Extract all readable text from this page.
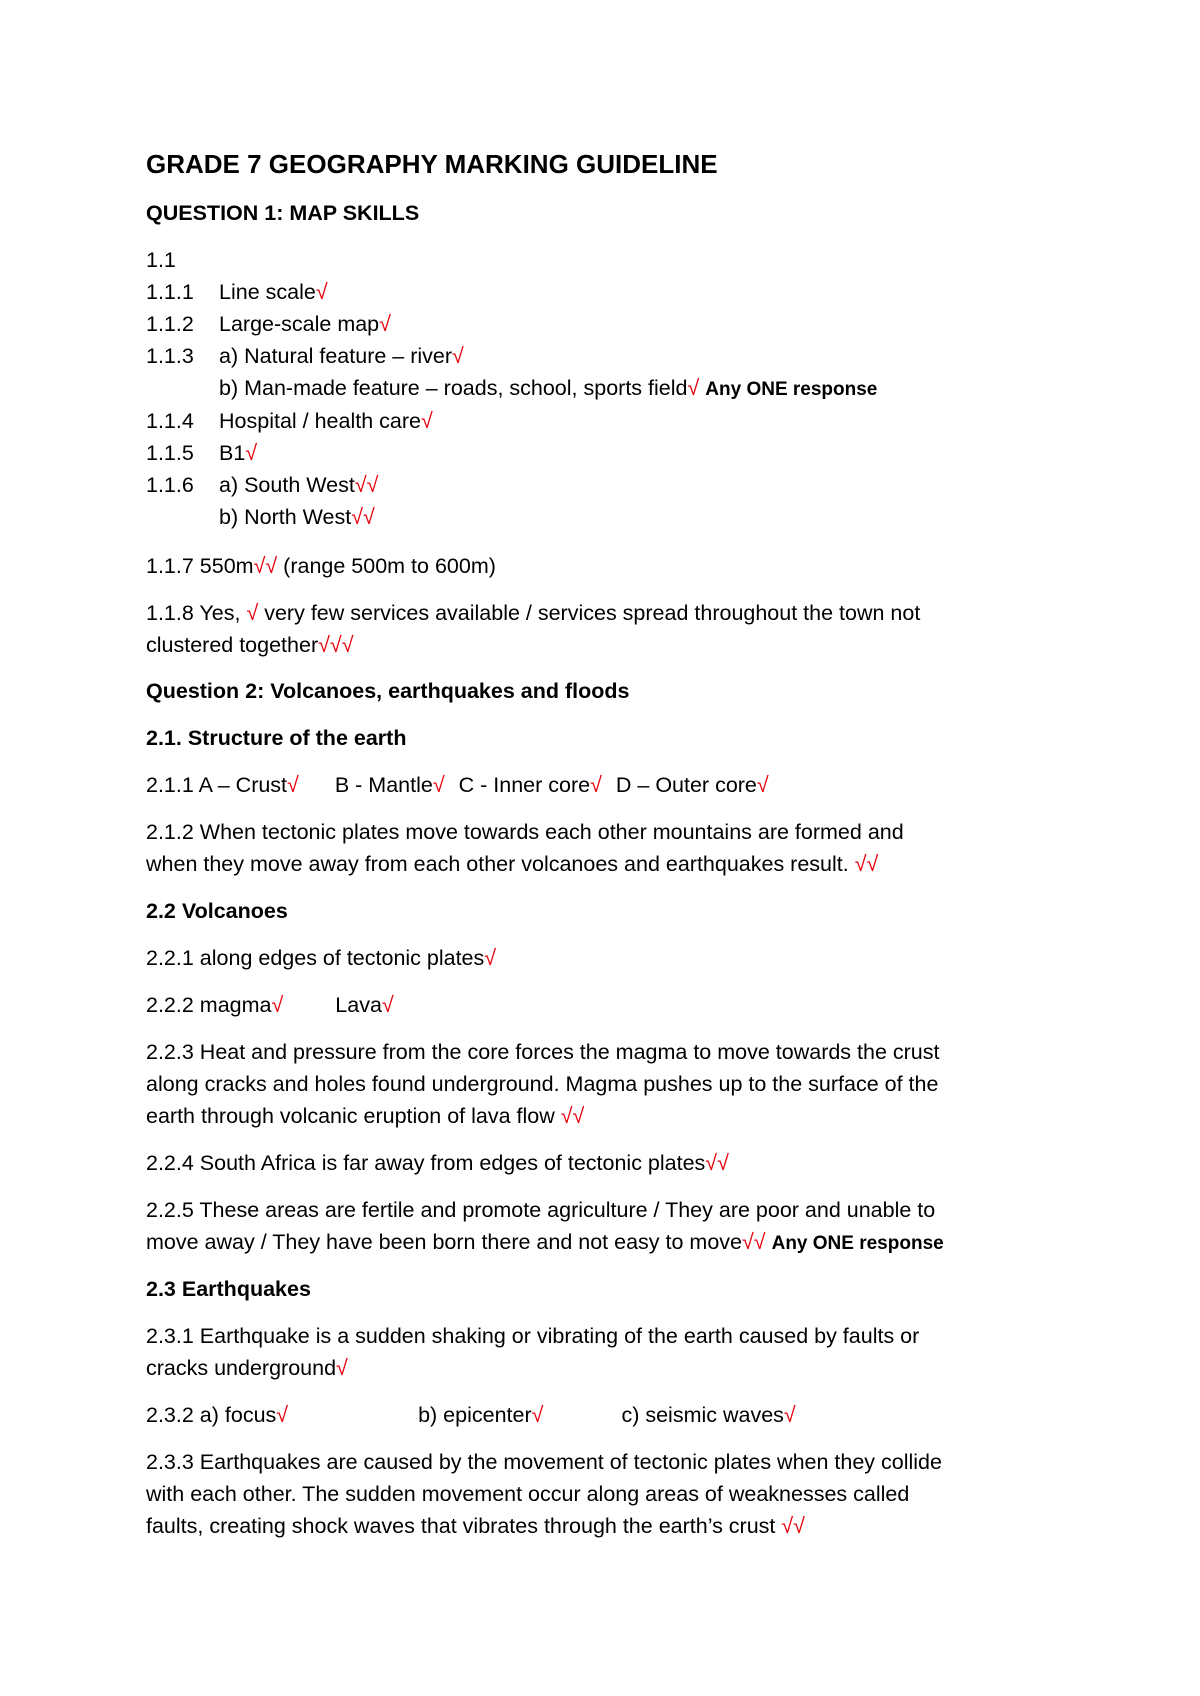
GRADE 7 GEOGRAPHY MARKING GUIDELINE
QUESTION 1: MAP SKILLS
1.1
1.1.1 Line scale√
1.1.2 Large-scale map√
1.1.3 a) Natural feature – river√
b) Man-made feature – roads, school, sports field√ Any ONE response
1.1.4 Hospital / health care√
1.1.5 B1√
1.1.6 a) South West√√
b) North West√√
1.1.7 550m√√ (range 500m to 600m)
1.1.8 Yes, √ very few services available / services spread throughout the town not
clustered together√√√
Question 2: Volcanoes, earthquakes and floods
2.1. Structure of the earth
2.1.1 A – Crust√ B - Mantle√ C - Inner core√ D – Outer core√
2.1.2 When tectonic plates move towards each other mountains are formed and
when they move away from each other volcanoes and earthquakes result. √√
2.2 Volcanoes
2.2.1 along edges of tectonic plates√
2.2.2 magma√ Lava√
2.2.3 Heat and pressure from the core forces the magma to move towards the crust
along cracks and holes found underground. Magma pushes up to the surface of the
earth through volcanic eruption of lava flow √√
2.2.4 South Africa is far away from edges of tectonic plates√√
2.2.5 These areas are fertile and promote agriculture / They are poor and unable to
move away / They have been born there and not easy to move√√ Any ONE response
2.3 Earthquakes
2.3.1 Earthquake is a sudden shaking or vibrating of the earth caused by faults or
cracks underground√
2.3.2 a) focus√	b) epicenter√	c) seismic waves√
2.3.3 Earthquakes are caused by the movement of tectonic plates when they collide
with each other. The sudden movement occur along areas of weaknesses called
faults, creating shock waves that vibrates through the earth’s crust √√
